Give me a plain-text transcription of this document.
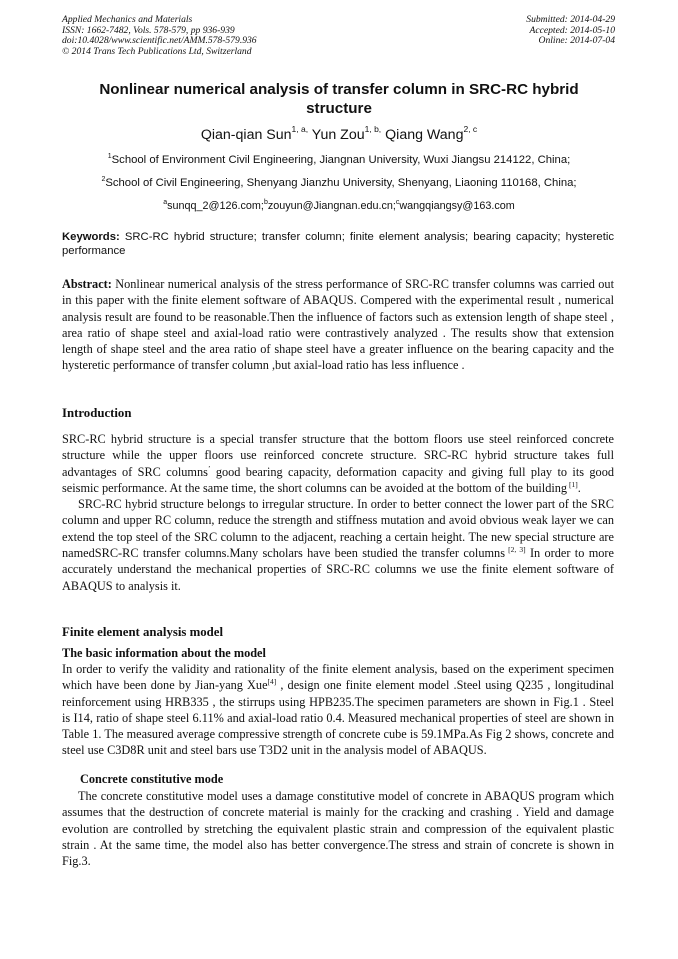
Applied Mechanics and Materials
ISSN: 1662-7482, Vols. 578-579, pp 936-939
doi:10.4028/www.scientific.net/AMM.578-579.936
© 2014 Trans Tech Publications Ltd, Switzerland
Submitted: 2014-04-29
Accepted: 2014-05-10
Online: 2014-07-04
Nonlinear numerical analysis of transfer column in SRC-RC hybrid
structure
Qian-qian Sun$^{1, a,}$ Yun Zou$^{1, b,}$ Qiang Wang$^{2, c}$
$^1$School of Environment Civil Engineering, Jiangnan University, Wuxi Jiangsu 214122, China;
$^2$School of Civil Engineering, Shenyang Jianzhu University, Shenyang, Liaoning 110168, China;
$^a$sunqq_2@126.com;$^b$zouyun@Jiangnan.edu.cn;$^c$wangqiangsy@163.com
Keywords: SRC-RC hybrid structure; transfer column; finite element analysis; bearing capacity; hysteretic performance
Abstract: Nonlinear numerical analysis of the stress performance of SRC-RC transfer columns was carried out in this paper with the finite element software of ABAQUS. Compered with the experimental result , numerical analysis result are found to be reasonable.Then the influence of factors such as extension length of shape steel , area ratio of shape steel and axial-load ratio were contrastively analyzed . The results show that extension length of shape steel and the area ratio of shape steel have a greater influence on the bearing capacity and the hysteretic performance of transfer column ,but axial-load ratio has less influence .
Introduction
SRC-RC hybrid structure is a special transfer structure that the bottom floors use steel reinforced concrete structure while the upper floors use reinforced concrete structure. SRC-RC hybrid structure takes full advantages of SRC columns’ good bearing capacity, deformation capacity and giving full play to its good seismic performance. At the same time, the short columns can be avoided at the bottom of the building [1].
SRC-RC hybrid structure belongs to irregular structure. In order to better connect the lower part of the SRC column and upper RC column, reduce the strength and stiffness mutation and avoid obvious weak layer we can extend the top steel of the SRC column to the adjacent, reaching a certain height. The new special structure are namedSRC-RC transfer columns.Many scholars have been studied the transfer columns [2, 3] In order to more accurately understand the mechanical properties of SRC-RC columns we use the finite element software of ABAQUS to analysis it.
Finite element analysis model
The basic information about the model
In order to verify the validity and rationality of the finite element analysis, based on the experiment specimen which have been done by Jian-yang Xue[4] , design one finite element model .Steel using Q235 , longitudinal reinforcement using HRB335 , the stirrups using HPB235.The specimen parameters are shown in Fig.1 . Steel is I14, ratio of shape steel 6.11% and axial-load ratio 0.4. Measured mechanical properties of steel are shown in Table 1. The measured average compressive strength of concrete cube is 59.1MPa.As Fig 2 shows, concrete and steel use C3D8R unit and steel bars use T3D2 unit in the analysis model of ABAQUS.
Concrete constitutive mode
The concrete constitutive model uses a damage constitutive model of concrete in ABAQUS program which assumes that the destruction of concrete material is mainly for the cracking and crashing . Yield and damage evolution are controlled by stretching the equivalent plastic strain and compression of the equivalent plastic strain . At the same time, the model also has better convergence.The stress and strain of concrete is shown in Fig.3.
